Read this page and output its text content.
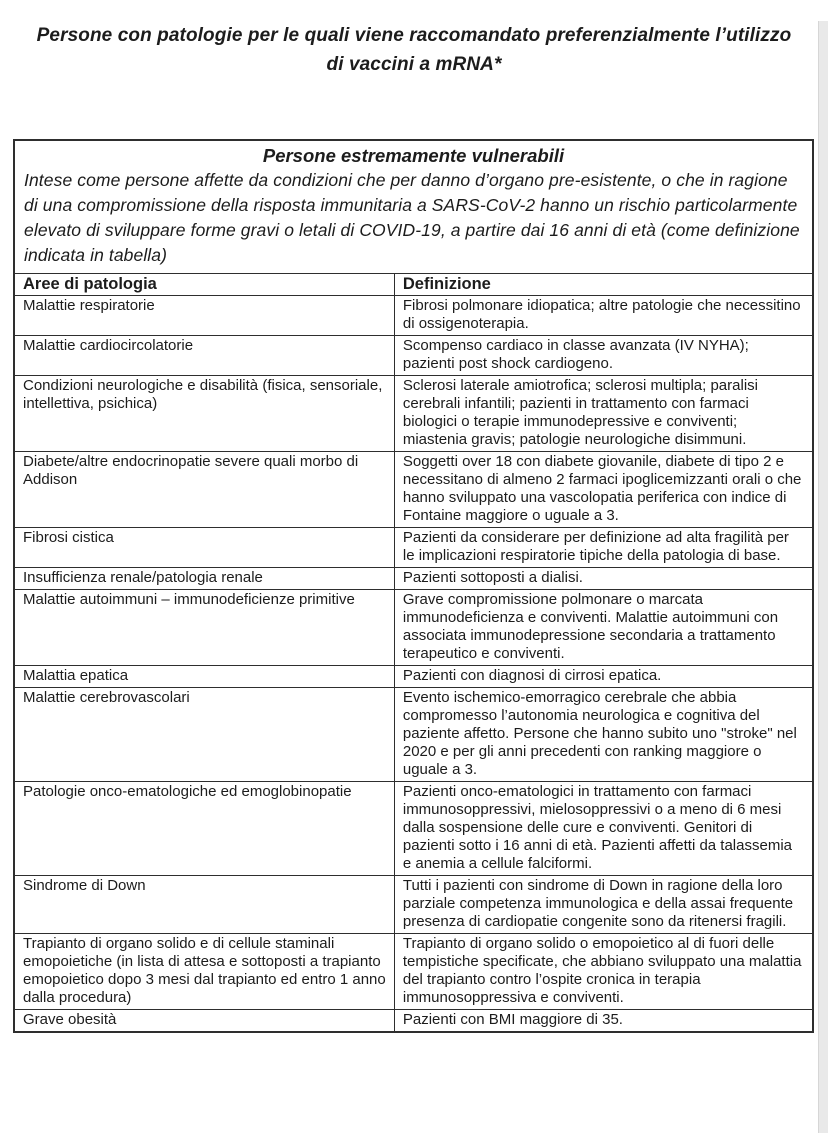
Persone con patologie per le quali viene raccomandato preferenzialmente l’utilizzo di vaccini a mRNA*
Persone estremamente vulnerabili
Intese come persone affette da condizioni che per danno d’organo pre-esistente, o che in ragione di una compromissione della risposta immunitaria a SARS-CoV-2 hanno un rischio particolarmente elevato di sviluppare forme gravi o letali di COVID-19, a partire dai 16 anni di età (come definizione indicata in tabella)
Aree di patologia	Definizione
Malattie respiratorie	Fibrosi polmonare idiopatica; altre patologie che necessitino di ossigenoterapia.
Malattie cardiocircolatorie	Scompenso cardiaco in classe avanzata (IV NYHA); pazienti post shock cardiogeno.
Condizioni neurologiche e disabilità (fisica, sensoriale, intellettiva, psichica)	Sclerosi laterale amiotrofica; sclerosi multipla; paralisi cerebrali infantili; pazienti in trattamento con farmaci biologici o terapie immunodepressive e conviventi; miastenia gravis; patologie neurologiche disimmuni.
Diabete/altre endocrinopatie severe quali morbo di Addison	Soggetti over 18 con diabete giovanile, diabete di tipo 2 e necessitano di almeno 2 farmaci ipoglicemizzanti orali o che hanno sviluppato una vascolopatia periferica con indice di Fontaine maggiore o uguale a 3.
Fibrosi cistica	Pazienti da considerare per definizione ad alta fragilità per le implicazioni respiratorie tipiche della patologia di base.
Insufficienza renale/patologia renale	Pazienti sottoposti a dialisi.
Malattie autoimmuni – immunodeficienze primitive	Grave compromissione polmonare o marcata immunodeficienza e conviventi. Malattie autoimmuni con associata immunodepressione secondaria a trattamento terapeutico e conviventi.
Malattia epatica	Pazienti con diagnosi di cirrosi epatica.
Malattie cerebrovascolari	Evento ischemico-emorragico cerebrale che abbia compromesso l’autonomia neurologica e cognitiva del paziente affetto. Persone che hanno subito uno "stroke" nel 2020 e per gli anni precedenti con ranking maggiore o uguale a 3.
Patologie onco-ematologiche ed emoglobinopatie	Pazienti onco-ematologici in trattamento con farmaci immunosoppressivi, mielosoppressivi o a meno di 6 mesi dalla sospensione delle cure e conviventi. Genitori di pazienti sotto i 16 anni di età. Pazienti affetti da talassemia e anemia a cellule falciformi.
Sindrome di Down	Tutti i pazienti con sindrome di Down in ragione della loro parziale competenza immunologica e della assai frequente presenza di cardiopatie congenite sono da ritenersi fragili.
Trapianto di organo solido e di cellule staminali emopoietiche (in lista di attesa e sottoposti a trapianto emopoietico dopo 3 mesi dal trapianto ed entro 1 anno dalla procedura)	Trapianto di organo solido o emopoietico al di fuori delle tempistiche specificate, che abbiano sviluppato una malattia del trapianto contro l’ospite cronica in terapia immunosoppressiva e conviventi.
Grave obesità	Pazienti con BMI maggiore di 35.
